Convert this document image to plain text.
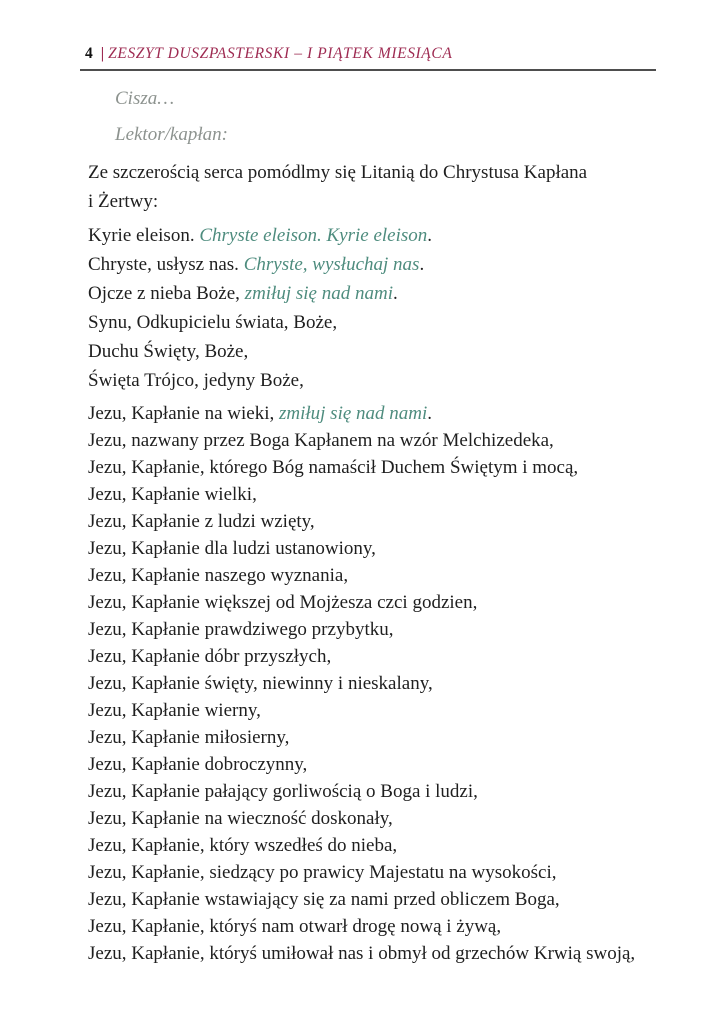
4 | ZESZYT DUSZPASTERSKI – I PIĄTEK MIESIĄCA

Cisza…

Lektor/kapłan:

Ze szczerością serca pomódlmy się Litanią do Chrystusa Kapłana

i Żertwy:

Kyrie eleison. Chryste eleison. Kyrie eleison.

Chryste, usłysz nas. Chryste, wysłuchaj nas.

Ojcze z nieba Boże, zmiłuj się nad nami.

Synu, Odkupicielu świata, Boże,

Duchu Święty, Boże,

Święta Trójco, jedyny Boże,

Jezu, Kapłanie na wieki, zmiłuj się nad nami.

Jezu, nazwany przez Boga Kapłanem na wzór Melchizedeka,

Jezu, Kapłanie, którego Bóg namaścił Duchem Świętym i mocą,

Jezu, Kapłanie wielki,

Jezu, Kapłanie z ludzi wzięty,

Jezu, Kapłanie dla ludzi ustanowiony,

Jezu, Kapłanie naszego wyznania,

Jezu, Kapłanie większej od Mojżesza czci godzien,

Jezu, Kapłanie prawdziwego przybytku,

Jezu, Kapłanie dóbr przyszłych,

Jezu, Kapłanie święty, niewinny i nieskalany,

Jezu, Kapłanie wierny,

Jezu, Kapłanie miłosierny,

Jezu, Kapłanie dobroczynny,

Jezu, Kapłanie pałający gorliwością o Boga i ludzi,

Jezu, Kapłanie na wieczność doskonały,

Jezu, Kapłanie, który wszedłeś do nieba,

Jezu, Kapłanie, siedzący po prawicy Majestatu na wysokości,

Jezu, Kapłanie wstawiający się za nami przed obliczem Boga,

Jezu, Kapłanie, któryś nam otwarł drogę nową i żywą,

Jezu, Kapłanie, któryś umiłował nas i obmył od grzechów Krwią swoją,
